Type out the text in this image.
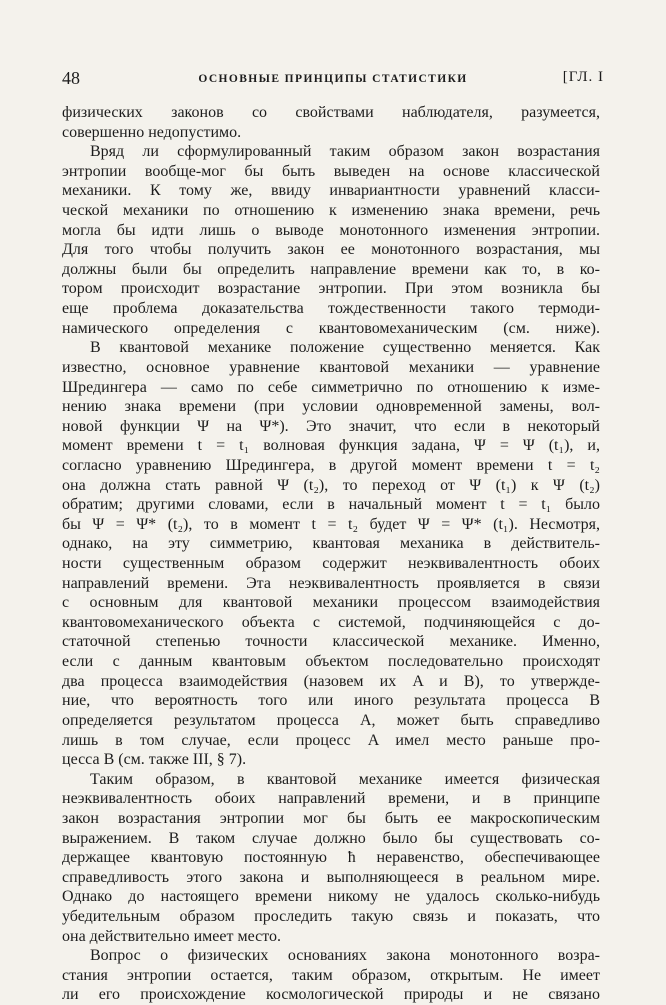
48	ОСНОВНЫЕ ПРИНЦИПЫ СТАТИСТИКИ	[ГЛ. I
физических законов со свойствами наблюдателя, разумеется,
совершенно недопустимо.
Вряд ли сформулированный таким образом закон возрастания
энтропии вообще-мог бы быть выведен на основе классической
механики. К тому же, ввиду инвариантности уравнений класси-
ческой механики по отношению к изменению знака времени, речь
могла бы идти лишь о выводе монотонного изменения энтропии.
Для того чтобы получить закон ее монотонного возрастания, мы
должны были бы определить направление времени как то, в ко-
тором происходит возрастание энтропии. При этом возникла бы
еще проблема доказательства тождественности такого термоди-
намического определения с квантовомеханическим (см. ниже).
В квантовой механике положение существенно меняется. Как
известно, основное уравнение квантовой механики — уравнение
Шредингера — само по себе симметрично по отношению к изме-
нению знака времени (при условии одновременной замены, вол-
новой функции Ψ на Ψ*). Это значит, что если в некоторый
момент времени t = t₁ волновая функция задана, Ψ = Ψ (t₁), и,
согласно уравнению Шредингера, в другой момент времени t = t₂
она должна стать равной Ψ (t₂), то переход от Ψ (t₁) к Ψ (t₂)
обратим; другими словами, если в начальный момент t = t₁ было
бы Ψ = Ψ* (t₂), то в момент t = t₂ будет Ψ = Ψ* (t₁). Несмотря,
однако, на эту симметрию, квантовая механика в действитель-
ности существенным образом содержит неэквивалентность обоих
направлений времени. Эта неэквивалентность проявляется в связи
с основным для квантовой механики процессом взаимодействия
квантовомеханического объекта с системой, подчиняющейся с до-
статочной степенью точности классической механике. Именно,
если с данным квантовым объектом последовательно происходят
два процесса взаимодействия (назовем их A и B), то утвержде-
ние, что вероятность того или иного результата процесса B
определяется результатом процесса A, может быть справедливо
лишь в том случае, если процесс A имел место раньше про-
цесса B (см. также III, § 7).
Таким образом, в квантовой механике имеется физическая
неэквивалентность обоих направлений времени, и в принципе
закон возрастания энтропии мог бы быть ее макроскопическим
выражением. В таком случае должно было бы существовать со-
держащее квантовую постоянную ħ неравенство, обеспечивающее
справедливость этого закона и выполняющееся в реальном мире.
Однако до настоящего времени никому не удалось сколько-нибудь
убедительным образом проследить такую связь и показать, что
она действительно имеет место.
Вопрос о физических основаниях закона монотонного возра-
стания энтропии остается, таким образом, открытым. Не имеет
ли его происхождение космологической природы и не связано
